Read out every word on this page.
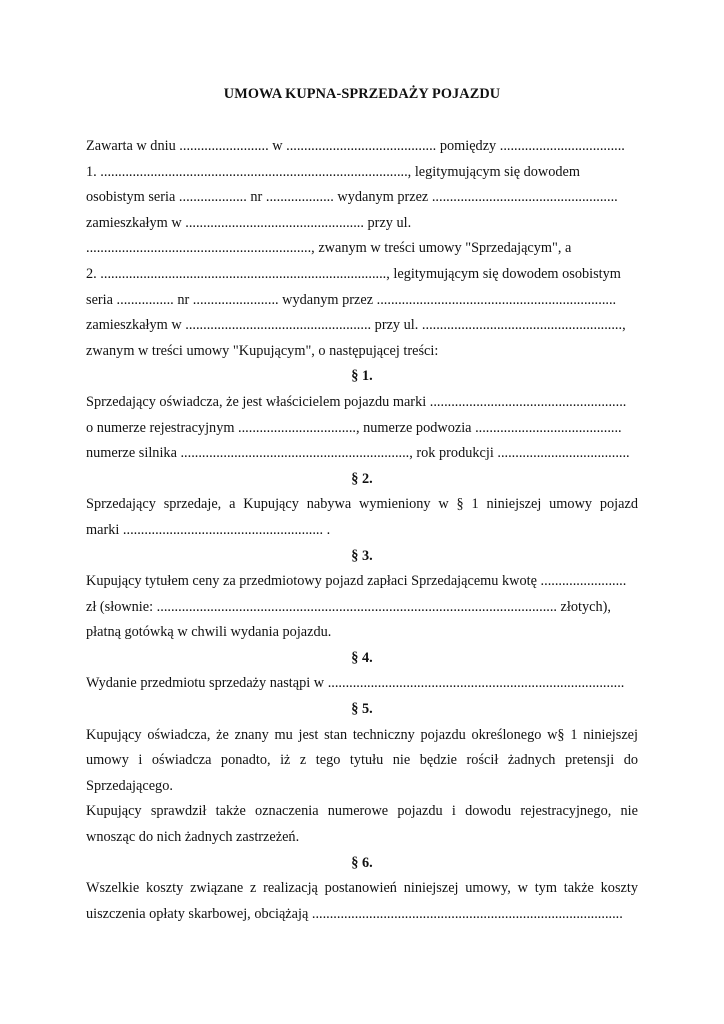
UMOWA KUPNA-SPRZEDAŻY POJAZDU
Zawarta w dniu ......................... w .......................................... pomiędzy ...................................
1. ......................................................................................, legitymującym się dowodem
osobistym seria ................... nr ................... wydanym przez ....................................................
zamieszkałym w .................................................. przy ul.
..............................................................., zwanym w treści umowy "Sprzedającym", a
2. ................................................................................, legitymującym się dowodem osobistym
seria ................ nr ........................ wydanym przez ...................................................................
zamieszkałym w .................................................... przy ul. ........................................................,
zwanym w treści umowy "Kupującym", o następującej treści:
§ 1.
Sprzedający oświadcza, że jest właścicielem pojazdu marki .......................................................
o numerze rejestracyjnym ................................., numerze podwozia .........................................
numerze silnika ................................................................, rok produkcji .....................................
§ 2.
Sprzedający sprzedaje, a Kupujący nabywa wymieniony w § 1 niniejszej umowy pojazd
marki ........................................................ .
§ 3.
Kupujący tytułem ceny za przedmiotowy pojazd zapłaci Sprzedającemu kwotę ........................
zł (słownie: ................................................................................................................ złotych),
płatną gotówką w chwili wydania pojazdu.
§ 4.
Wydanie przedmiotu sprzedaży nastąpi w ...................................................................................
§ 5.
Kupujący oświadcza, że znany mu jest stan techniczny pojazdu określonego w§ 1 niniejszej
umowy i oświadcza ponadto, iż z tego tytułu nie będzie rościł żadnych pretensji do
Sprzedającego.
Kupujący sprawdził także oznaczenia numerowe pojazdu i dowodu rejestracyjnego, nie
wnosząc do nich żadnych zastrzeżeń.
§ 6.
Wszelkie koszty związane z realizacją postanowień niniejszej umowy, w tym także koszty
uiszczenia opłaty skarbowej, obciążają .......................................................................................
